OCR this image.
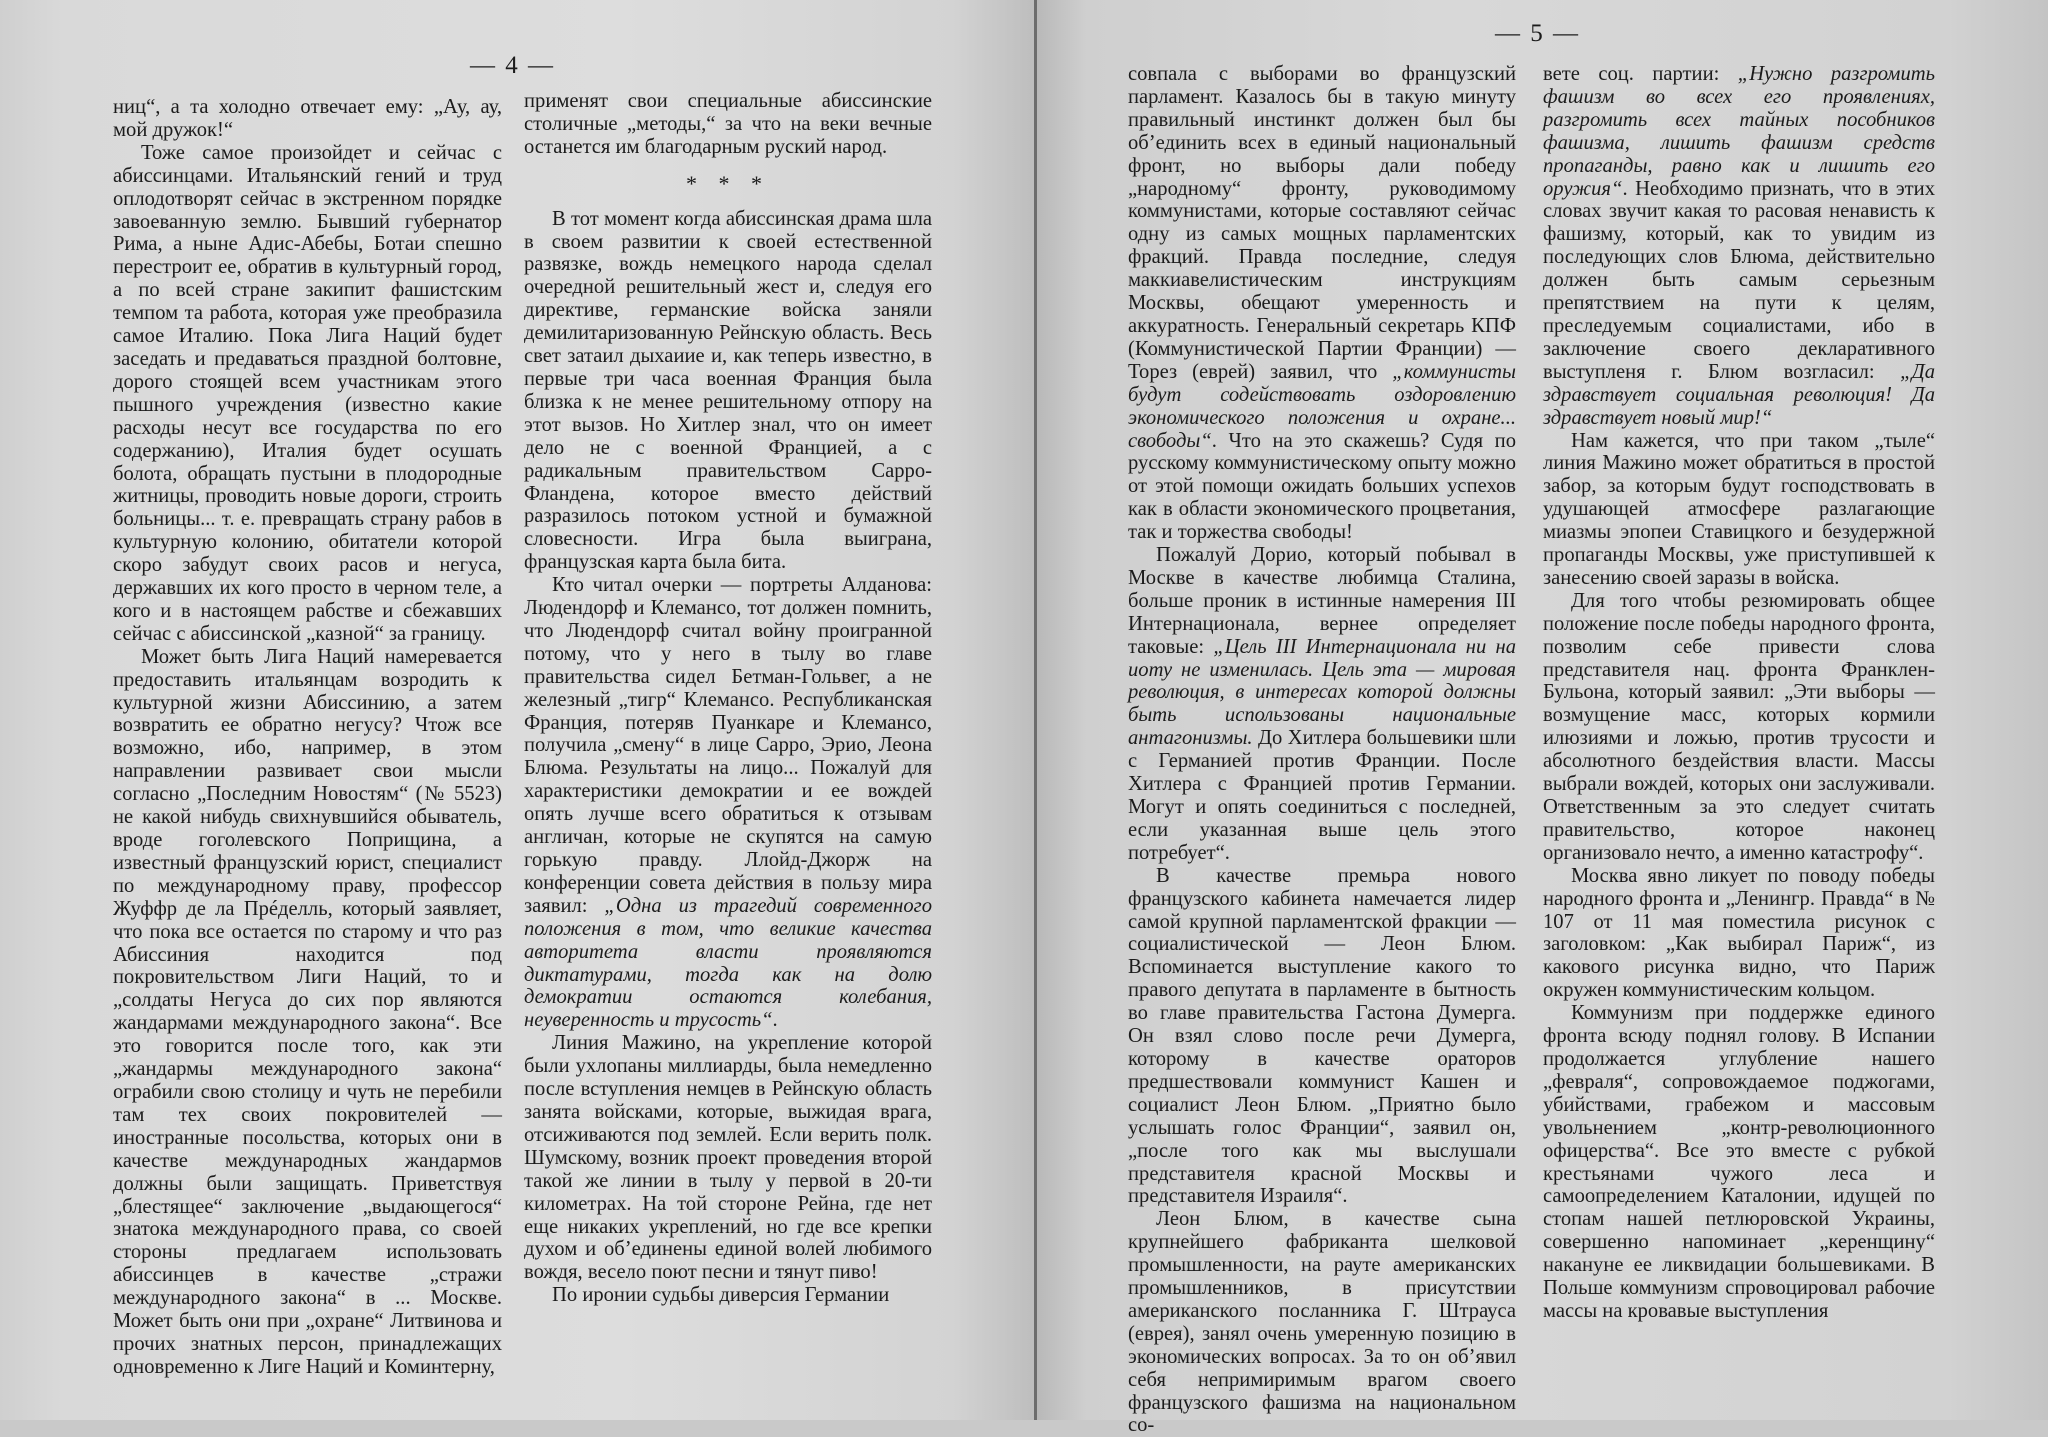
— 4 —
— 5 —

ниц“, а та холодно отвечает ему: „Ау, ау, мой дружок!“

Тоже самое произойдет и сейчас с абиссинцами. Итальянский гений и труд оплодотворят сейчас в экстренном порядке завоеванную землю. Бывший губернатор Рима, а ныне Адис-Абебы, Ботаи спешно перестроит ее, обратив в культурный город, а по всей стране закипит фашистским темпом та работа, которая уже преобразила самое Италию. Пока Лига Наций будет заседать и предаваться праздной болтовне, дорого стоящей всем участникам этого пышного учреждения (известно какие расходы несут все государства по его содержанию), Италия будет осушать болота, обращать пустыни в плодородные житницы, проводить новые дороги, строить больницы... т. е. превращать страну рабов в культурную колонию, обитатели которой скоро забудут своих расов и негуса, державших их кого просто в черном теле, а кого и в настоящем рабстве и сбежавших сейчас с абиссинской „казной“ за границу.

Может быть Лига Наций намеревается предоставить итальянцам возродить к культурной жизни Абиссинию, а затем возвратить ее обратно негусу? Чтож все возможно, ибо, например, в этом направлении развивает свои мысли согласно „Последним Новостям“ (№ 5523) не какой нибудь свихнувшийся обыватель, вроде гоголевского Поприщина, а известный французский юрист, специалист по международному праву, профессор Жуффр де ла Прéделль, который заявляет, что пока все остается по старому и что раз Абиссиния находится под покровительством Лиги Наций, то и „солдаты Негуса до сих пор являются жандармами международного закона“. Все это говорится после того, как эти „жандармы международного закона“ ограбили свою столицу и чуть не перебили там тех своих покровителей — иностранные посольства, которых они в качестве международных жандармов должны были защищать. Приветствуя „блестящее“ заключение „выдающегося“ знатока международного права, со своей стороны предлагаем использовать абиссинцев в качестве „стражи международного закона“ в ... Москве. Может быть они при „охране“ Литвинова и прочих знатных персон, принадлежащих одновременно к Лиге Наций и Коминтерну,

применят свои специальные абиссинские столичные „методы,“ за что на веки вечные останется им благодарным руский народ.

* * *

В тот момент когда абиссинская драма шла в своем развитии к своей естественной развязке, вождь немецкого народа сделал очередной решительный жест и, следуя его директиве, германские войска заняли демилитаризованную Рейнскую область. Весь свет затаил дыхаиие и, как теперь известно, в первые три часа военная Франция была близка к не менее решительному отпору на этот вызов. Но Хитлер знал, что он имеет дело не с военной Францией, а с радикальным правительством Сарро-Фландена, которое вместо действий разразилось потоком устной и бумажной словесности. Игра была выиграна, французская карта была бита.

Кто читал очерки — портреты Алданова: Людендорф и Клемансо, тот должен помнить, что Людендорф считал войну проигранной потому, что у него в тылу во главе правительства сидел Бетман-Гольвег, а не железный „тигр“ Клемансо. Республиканская Франция, потеряв Пуанкаре и Клемансо, получила „смену“ в лице Сарро, Эрио, Леона Блюма. Результаты на лицо... Пожалуй для характеристики демократии и ее вождей опять лучше всего обратиться к отзывам англичан, которые не скупятся на самую горькую правду. Ллойд-Джорж на конференции совета действия в пользу мира заявил: „Одна из трагедий современного положения в том, что великие качества авторитета власти проявляются диктатурами, тогда как на долю демократии остаются колебания, неуверенность и трусость“.

Линия Мажино, на укрепление которой были ухлопаны миллиарды, была немедленно после вступления немцев в Рейнскую область занята войсками, которые, выжидая врага, отсиживаются под землей. Если верить полк. Шумскому, возник проект проведения второй такой же линии в тылу у первой в 20-ти километрах. На той стороне Рейна, где нет еще никаких укреплений, но где все крепки духом и об’единены единой волей любимого вождя, весело поют песни и тянут пиво!

По иронии судьбы диверсия Германии

совпала с выборами во французский парламент. Казалось бы в такую минуту правильный инстинкт должен был бы об’единить всех в единый национальный фронт, но выборы дали победу „народному“ фронту, руководимому коммунистами, которые составляют сейчас одну из самых мощных парламентских фракций. Правда последние, следуя маккиавелистическим инструкциям Москвы, обещают умеренность и аккуратность. Генеральный секретарь КПФ (Коммунистической Партии Франции) — Торез (еврей) заявил, что „коммунисты будут содействовать оздоровлению экономического положения и охране... свободы“. Что на это скажешь? Судя по русскому коммунистическому опыту можно от этой помощи ожидать больших успехов как в области экономического процветания, так и торжества свободы!

Пожалуй Дорио, который побывал в Москве в качестве любимца Сталина, больше проник в истинные намерения III Интернационала, вернее определяет таковые: „Цель III Интернационала ни на иоту не изменилась. Цель эта — мировая революция, в интересах которой должны быть использованы национальные антагонизмы. До Хитлера большевики шли с Германией против Франции. После Хитлера с Францией против Германии. Могут и опять соединиться с последней, если указанная выше цель этого потребует“.

В качестве премьра нового французского кабинета намечается лидер самой крупной парламентской фракции — социалистической — Леон Блюм. Вспоминается выступление какого то правого депутата в парламенте в бытность во главе правительства Гастона Думерга. Он взял слово после речи Думерга, которому в качестве ораторов предшествовали коммунист Кашен и социалист Леон Блюм. „Приятно было услышать голос Франции“, заявил он, „после того как мы выслушали представителя красной Москвы и представителя Израиля“.

Леон Блюм, в качестве сына крупнейшего фабриканта шелковой промышленности, на рауте американских промышленников, в присутствии американского посланника Г. Штрауса (еврея), занял очень умеренную позицию в экономических вопросах. За то он об’явил себя непримиримым врагом своего французского фашизма на национальном со-

вете соц. партии: „Нужно разгромить фашизм во всех его проявлениях, разгромить всех тайных пособников фашизма, лишить фашизм средств пропаганды, равно как и лишить его оружия“. Необходимо признать, что в этих словах звучит какая то расовая ненависть к фашизму, который, как то увидим из последующих слов Блюма, действительно должен быть самым серьезным препятствием на пути к целям, преследуемым социалистами, ибо в заключение своего декларативного выступленя г. Блюм возгласил: „Да здравствует социальная революция! Да здравствует новый мир!“

Нам кажется, что при таком „тыле“ линия Мажино может обратиться в простой забор, за которым будут господствовать в удушающей атмосфере разлагающие миазмы эпопеи Ставицкого и безудержной пропаганды Москвы, уже приступившей к занесению своей заразы в войска.

Для того чтобы резюмировать общее положение после победы народного фронта, позволим себе привести слова представителя нац. фронта Франклен-Бульона, который заявил: „Эти выборы — возмущение масс, которых кормили илюзиями и ложью, против трусости и абсолютного бездействия власти. Массы выбрали вождей, которых они заслуживали. Ответственным за это следует считать правительство, которое наконец организовало нечто, а именно катастрофу“.

Москва явно ликует по поводу победы народного фронта и „Ленингр. Правда“ в № 107 от 11 мая поместила рисунок с заголовком: „Как выбирал Париж“, из какового рисунка видно, что Париж окружен коммунистическим кольцом.

Коммунизм при поддержке единого фронта всюду поднял голову. В Испании продолжается углубление нашего „февраля“, сопровождаемое поджогами, убийствами, грабежом и массовым увольнением „контр-революционного офицерства“. Все это вместе с рубкой крестьянами чужого леса и самоопределением Каталонии, идущей по стопам нашей петлюровской Украины, совершенно напоминает „керенщину“ накануне ее ликвидации большевиками. В Польше коммунизм спровоцировал рабочие массы на кровавые выступления
